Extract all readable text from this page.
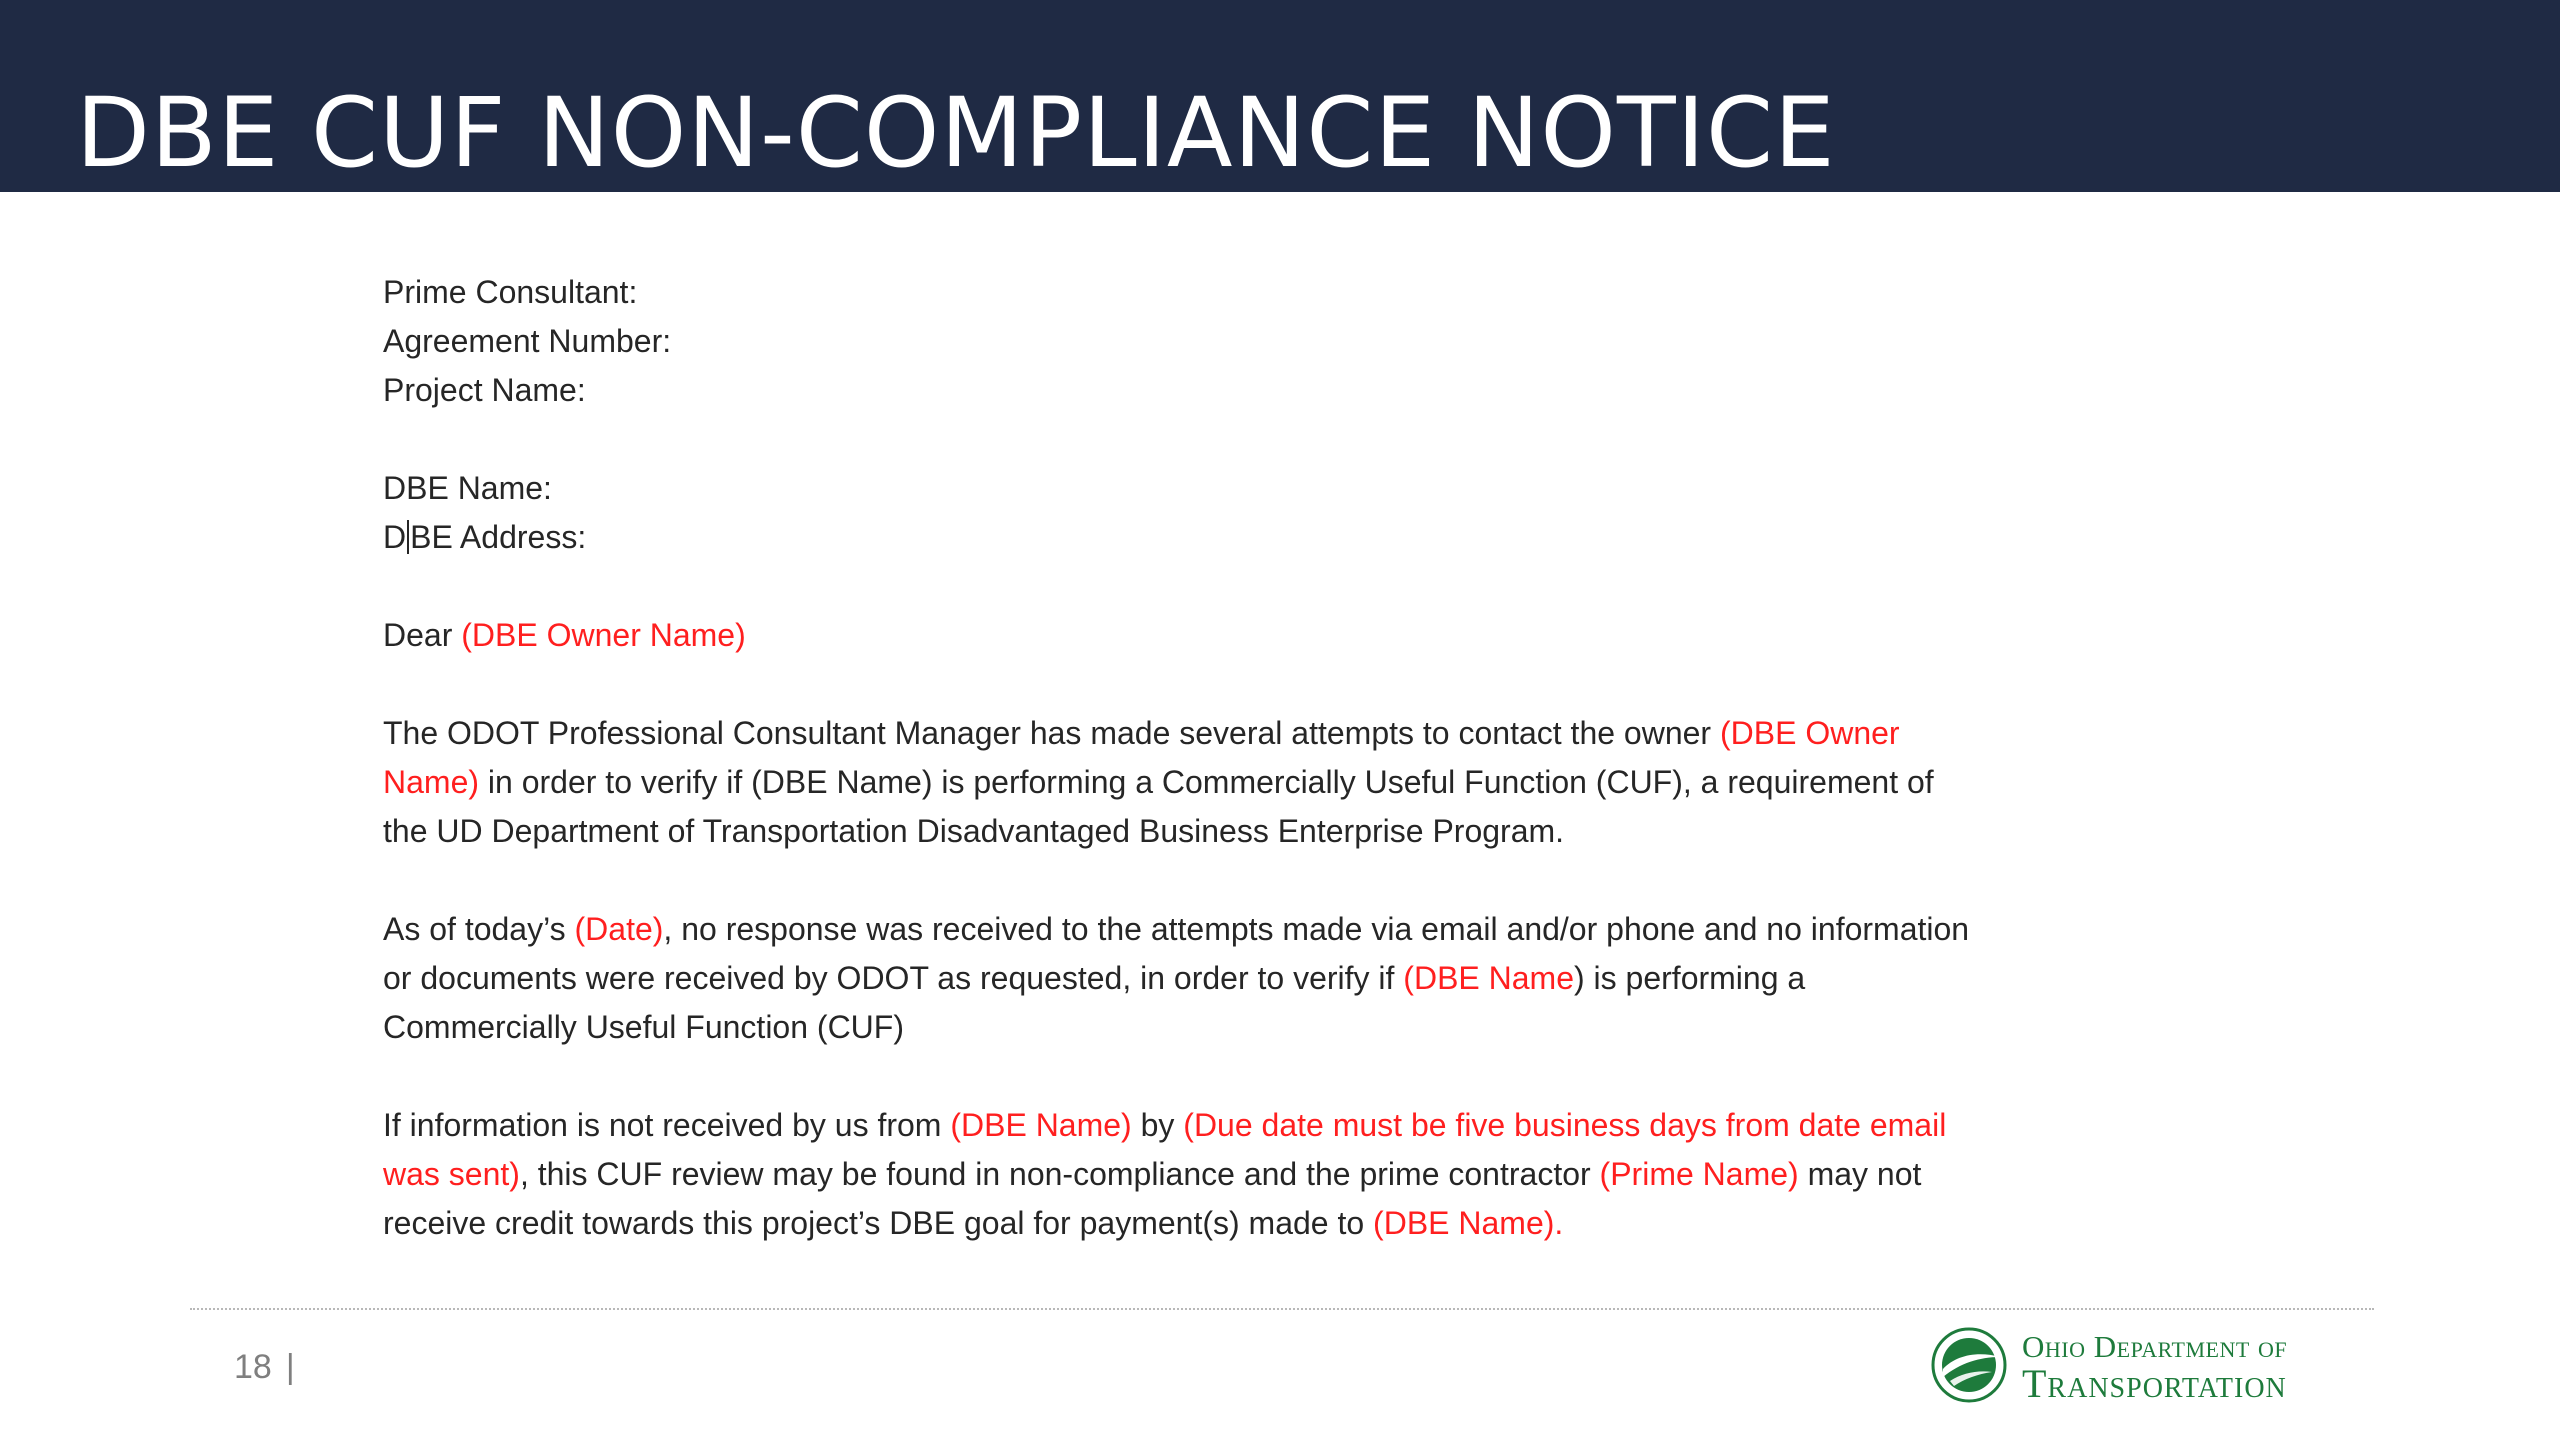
DBE CUF NON-COMPLIANCE NOTICE
Prime Consultant:
Agreement Number:
Project Name:
DBE Name:
D BE Address:

Dear (DBE Owner Name)

The ODOT Professional Consultant Manager has made several attempts to contact the owner (DBE Owner Name) in order to verify if (DBE Name) is performing a Commercially Useful Function (CUF), a requirement of the UD Department of Transportation Disadvantaged Business Enterprise Program.

As of today’s (Date), no response was received to the attempts made via email and/or phone and no information or documents were received by ODOT as requested, in order to verify if (DBE Name) is performing a Commercially Useful Function (CUF)

If information is not received by us from (DBE Name) by (Due date must be five business days from date email was sent), this CUF review may be found in non-compliance and the prime contractor (Prime Name) may not receive credit towards this project’s DBE goal for payment(s) made to (DBE Name).

18 |
Ohio Department of
Transportation
